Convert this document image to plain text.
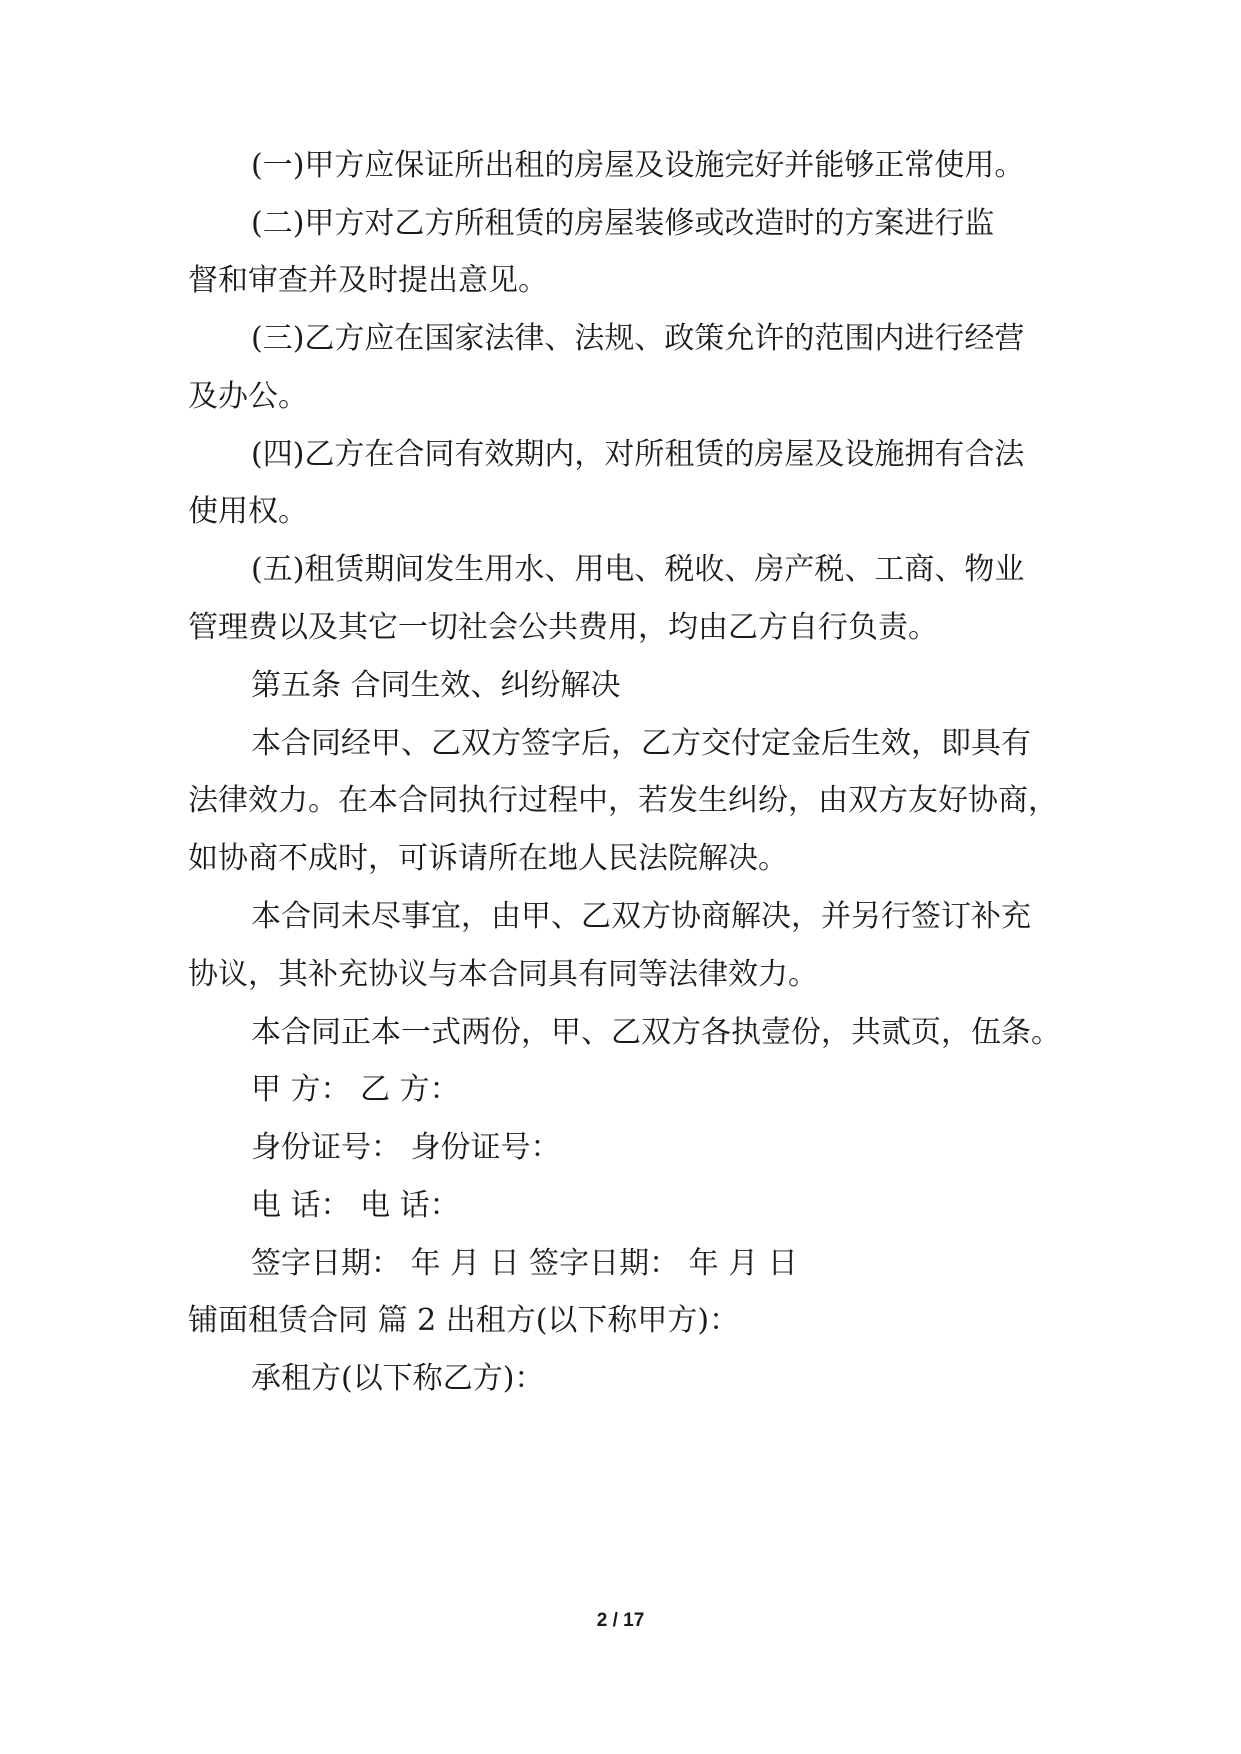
(一)甲方应保证所出租的房屋及设施完好并能够正常使用。
(二)甲方对乙方所租赁的房屋装修或改造时的方案进行监
督和审查并及时提出意见。
(三)乙方应在国家法律、法规、政策允许的范围内进行经营
及办公。
(四)乙方在合同有效期内，对所租赁的房屋及设施拥有合法
使用权。
(五)租赁期间发生用水、用电、税收、房产税、工商、物业
管理费以及其它一切社会公共费用，均由乙方自行负责。
第五条 合同生效、纠纷解决
本合同经甲、乙双方签字后，乙方交付定金后生效，即具有
法律效力。在本合同执行过程中，若发生纠纷，由双方友好协商，
如协商不成时，可诉请所在地人民法院解决。
本合同未尽事宜，由甲、乙双方协商解决，并另行签订补充
协议，其补充协议与本合同具有同等法律效力。
本合同正本一式两份，甲、乙双方各执壹份，共贰页，伍条。
甲 方： 乙 方：
身份证号： 身份证号：
电 话： 电 话：
签字日期： 年 月 日 签字日期： 年 月 日
铺面租赁合同 篇 2 出租方(以下称甲方)：
承租方(以下称乙方)：
2 / 17
